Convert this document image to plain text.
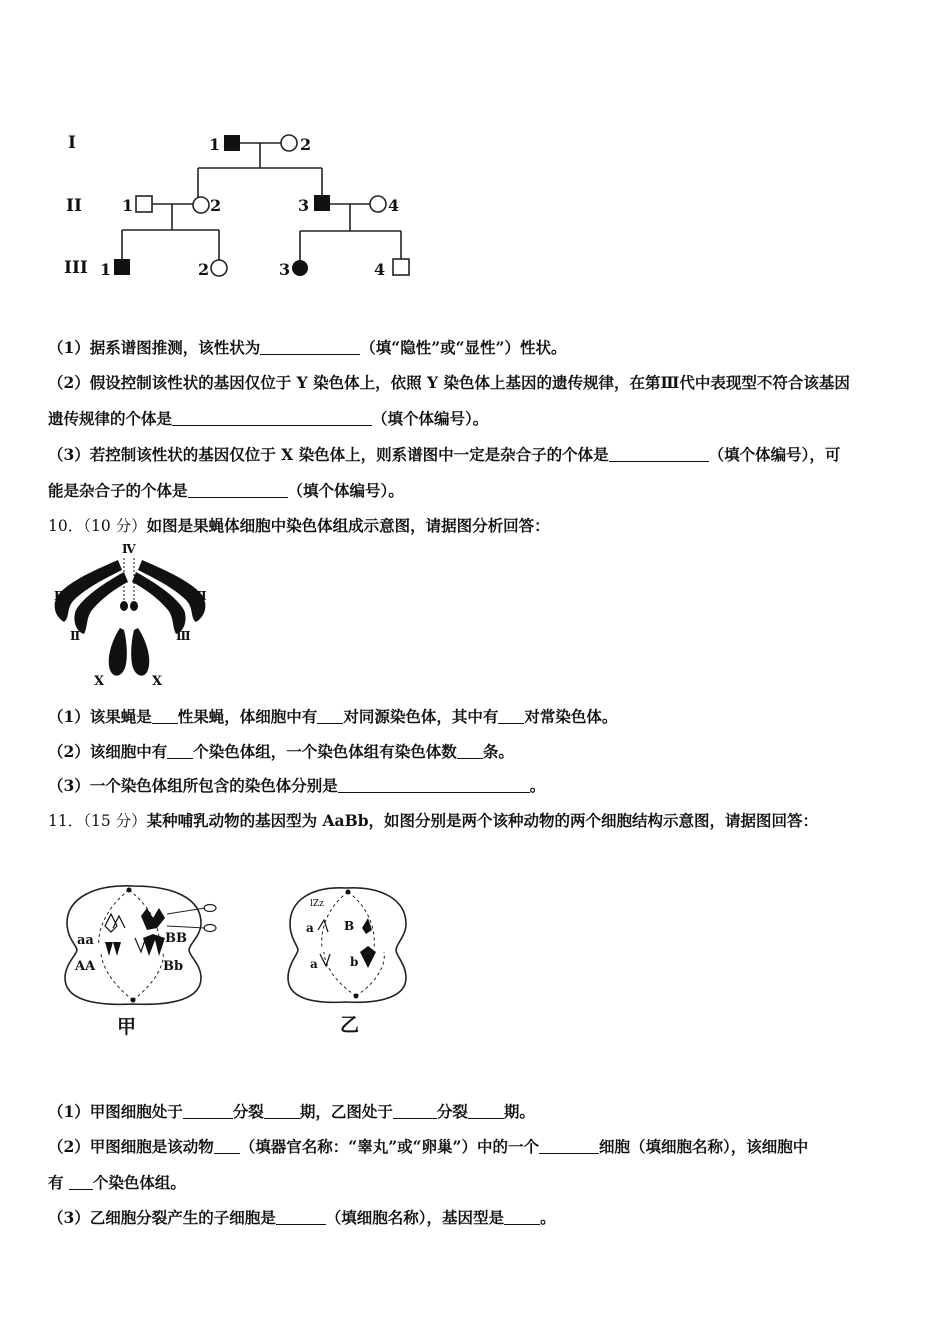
I
II
III
1	2
1	2	3	4
1	2	3	4
（1）据系谱图推测，该性状为	（填“隐性”或“显性”）性状。
（2）假设控制该性状的基因仅位于 Y 染色体上，依照 Y 染色体上基因的遗传规律，在第Ⅲ代中表现型不符合该基因
遗传规律的个体是	（填个体编号）。
（3）若控制该性状的基因仅位于 X 染色体上，则系谱图中一定是杂合子的个体是	（填个体编号），可
能是杂合子的个体是	（填个体编号）。
10．（10 分）如图是果蝇体细胞中染色体组成示意图，请据图分析回答：
Ⅳ
Ⅱ
Ⅱ
Ⅲ
Ⅲ
X	X
（1）该果蝇是 性果蝇，体细胞中有 对同源染色体，其中有 对常染色体。
（2）该细胞中有 个染色体组，一个染色体组有染色体数 条。
（3）一个染色体组所包含的染色体分别是	。
11．（15 分）某种哺乳动物的基因型为 AaBb，如图分别是两个该种动物的两个细胞结构示意图，请据图回答：
aa	BB
AA	Bb
甲
lZz
a	B
a	b
乙
（1）甲图细胞处于	分裂 期，乙图处于	分裂 期。
（2）甲图细胞是该动物 （填器官名称：“睾丸”或“卵巢”）中的一个	细胞（填细胞名称），该细胞中
有 个染色体组。
（3）乙细胞分裂产生的子细胞是	（填细胞名称），基因型是 。
